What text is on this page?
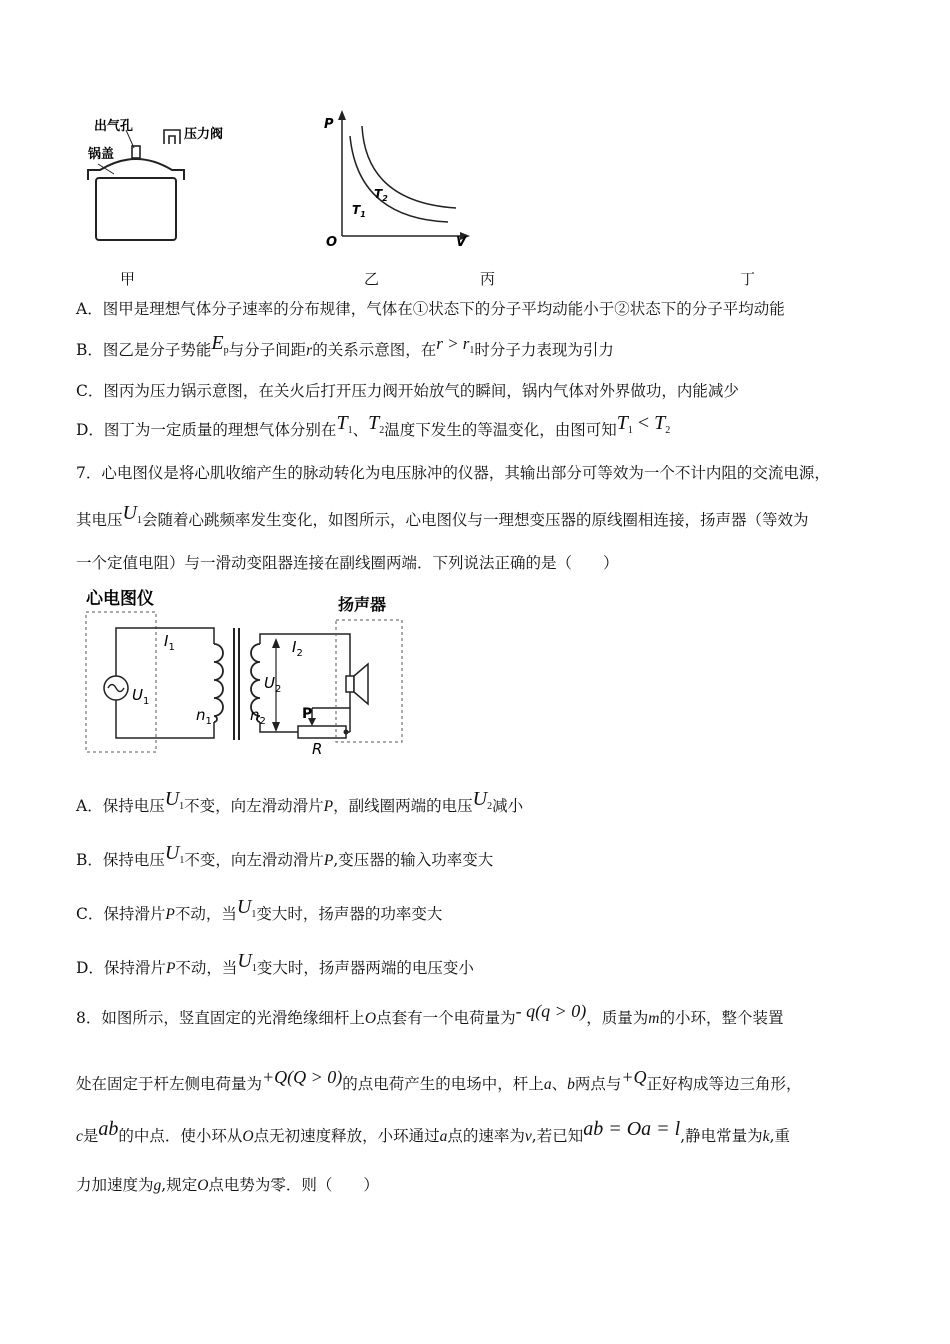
出气孔
锅盖
压力阀
P
O	V
$T_1$
$T_2$
甲	乙	丙	丁
A．图甲是理想气体分子速率的分布规律，气体在①状态下的分子平均动能小于②状态下的分子平均动能
B．图乙是分子势能$E_p$与分子间距r的关系示意图，在$r > r_1$时分子力表现为引力
C．图丙为压力锅示意图，在关火后打开压力阀开始放气的瞬间，锅内气体对外界做功，内能减少
D．图丁为一定质量的理想气体分别在$T_1$、$T_2$温度下发生的等温变化，由图可知$T_1 < T_2$
7．心电图仪是将心肌收缩产生的脉动转化为电压脉冲的仪器，其输出部分可等效为一个不计内阻的交流电源，
其电压$U_1$会随着心跳频率发生变化，如图所示，心电图仪与一理想变压器的原线圈相连接，扬声器（等效为
一个定值电阻）与一滑动变阻器连接在副线圈两端．下列说法正确的是（　　）
心电图仪	扬声器
$I_1$
$U_1$
$n_1$
$I_2$
$U_2$
$n_2$	P
R
A．保持电压$U_1$不变，向左滑动滑片P，副线圈两端的电压$U_2$减小
B．保持电压$U_1$不变，向左滑动滑片P,变压器的输入功率变大
C．保持滑片P不动，当$U_1$变大时，扬声器的功率变大
D．保持滑片P不动，当$U_1$变大时，扬声器两端的电压变小
8．如图所示，竖直固定的光滑绝缘细杆上O点套有一个电荷量为- q(q > 0)，质量为m的小环，整个装置
处在固定于杆左侧电荷量为+Q(Q > 0)的点电荷产生的电场中，杆上a、b两点与+Q正好构成等边三角形，
c是ab的中点．使小环从O点无初速度释放，小环通过a点的速率为v,若已知ab = Oa = l,静电常量为k,重
力加速度为g,规定O点电势为零．则（　　）
